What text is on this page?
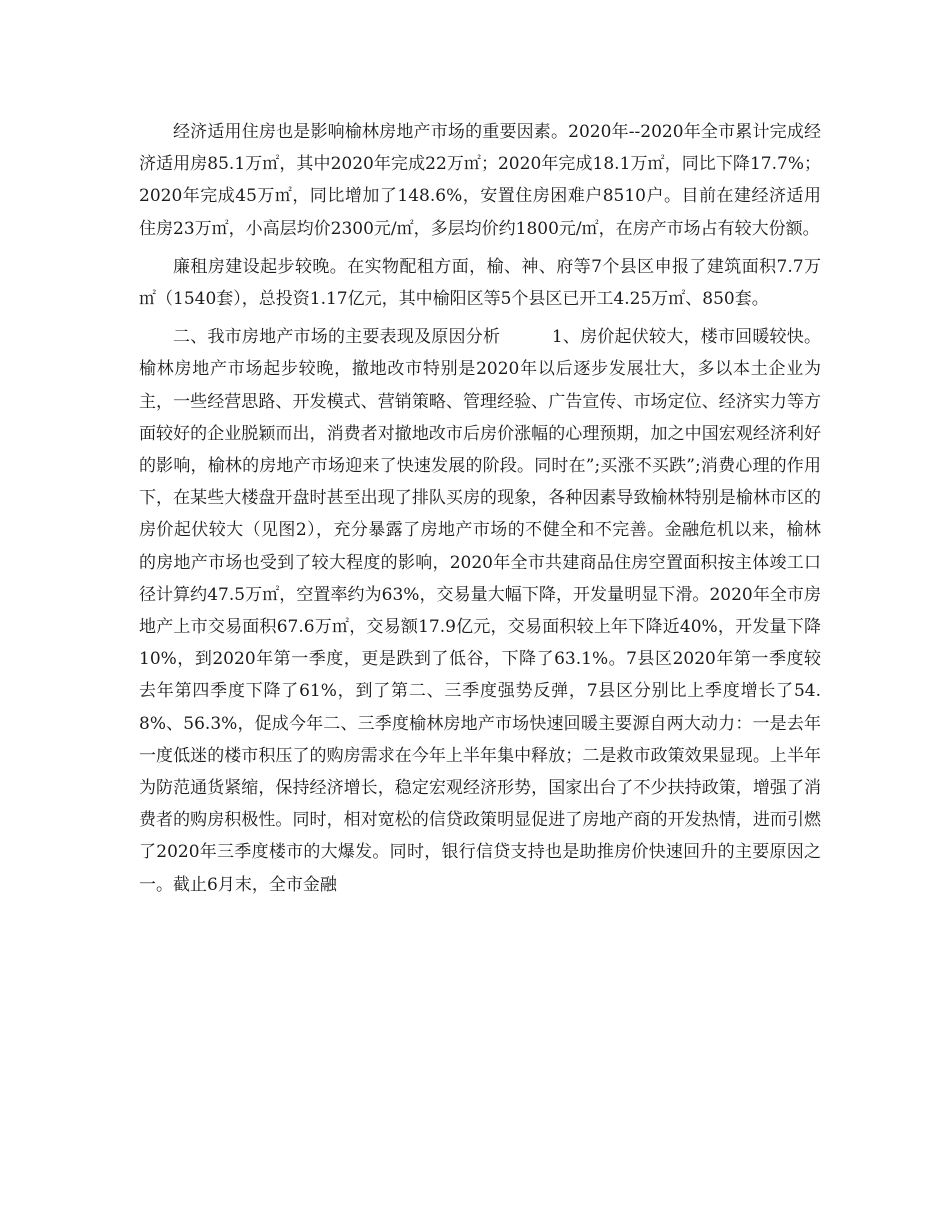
经济适用住房也是影响榆林房地产市场的重要因素。2020年--2020年全市累计完成经济适用房85.1万㎡，其中2020年完成22万㎡；2020年完成18.1万㎡，同比下降17.7%；2020年完成45万㎡，同比增加了148.6%，安置住房困难户8510户。目前在建经济适用住房23万㎡，小高层均价2300元/㎡，多层均价约1800元/㎡，在房产市场占有较大份额。

廉租房建设起步较晚。在实物配租方面，榆、神、府等7个县区申报了建筑面积7.7万㎡（1540套），总投资1.17亿元，其中榆阳区等5个县区已开工4.25万㎡、850套。

二、我市房地产市场的主要表现及原因分析　　　1、房价起伏较大，楼市回暖较快。榆林房地产市场起步较晚，撤地改市特别是2020年以后逐步发展壮大，多以本土企业为主，一些经营思路、开发模式、营销策略、管理经验、广告宣传、市场定位、经济实力等方面较好的企业脱颖而出，消费者对撤地改市后房价涨幅的心理预期，加之中国宏观经济利好的影响，榆林的房地产市场迎来了快速发展的阶段。同时在”;买涨不买跌”;消费心理的作用下，在某些大楼盘开盘时甚至出现了排队买房的现象，各种因素导致榆林特别是榆林市区的房价起伏较大（见图2），充分暴露了房地产市场的不健全和不完善。金融危机以来，榆林的房地产市场也受到了较大程度的影响，2020年全市共建商品住房空置面积按主体竣工口径计算约47.5万㎡，空置率约为63%，交易量大幅下降，开发量明显下滑。2020年全市房地产上市交易面积67.6万㎡，交易额17.9亿元，交易面积较上年下降近40%，开发量下降10%，到2020年第一季度，更是跌到了低谷，下降了63.1%。7县区2020年第一季度较去年第四季度下降了61%，到了第二、三季度强势反弹，7县区分别比上季度增长了54.8%、56.3%，促成今年二、三季度榆林房地产市场快速回暖主要源自两大动力：一是去年一度低迷的楼市积压了的购房需求在今年上半年集中释放；二是救市政策效果显现。上半年为防范通货紧缩，保持经济增长，稳定宏观经济形势，国家出台了不少扶持政策，增强了消费者的购房积极性。同时，相对宽松的信贷政策明显促进了房地产商的开发热情，进而引燃了2020年三季度楼市的大爆发。同时，银行信贷支持也是助推房价快速回升的主要原因之一。截止6月末，全市金融
